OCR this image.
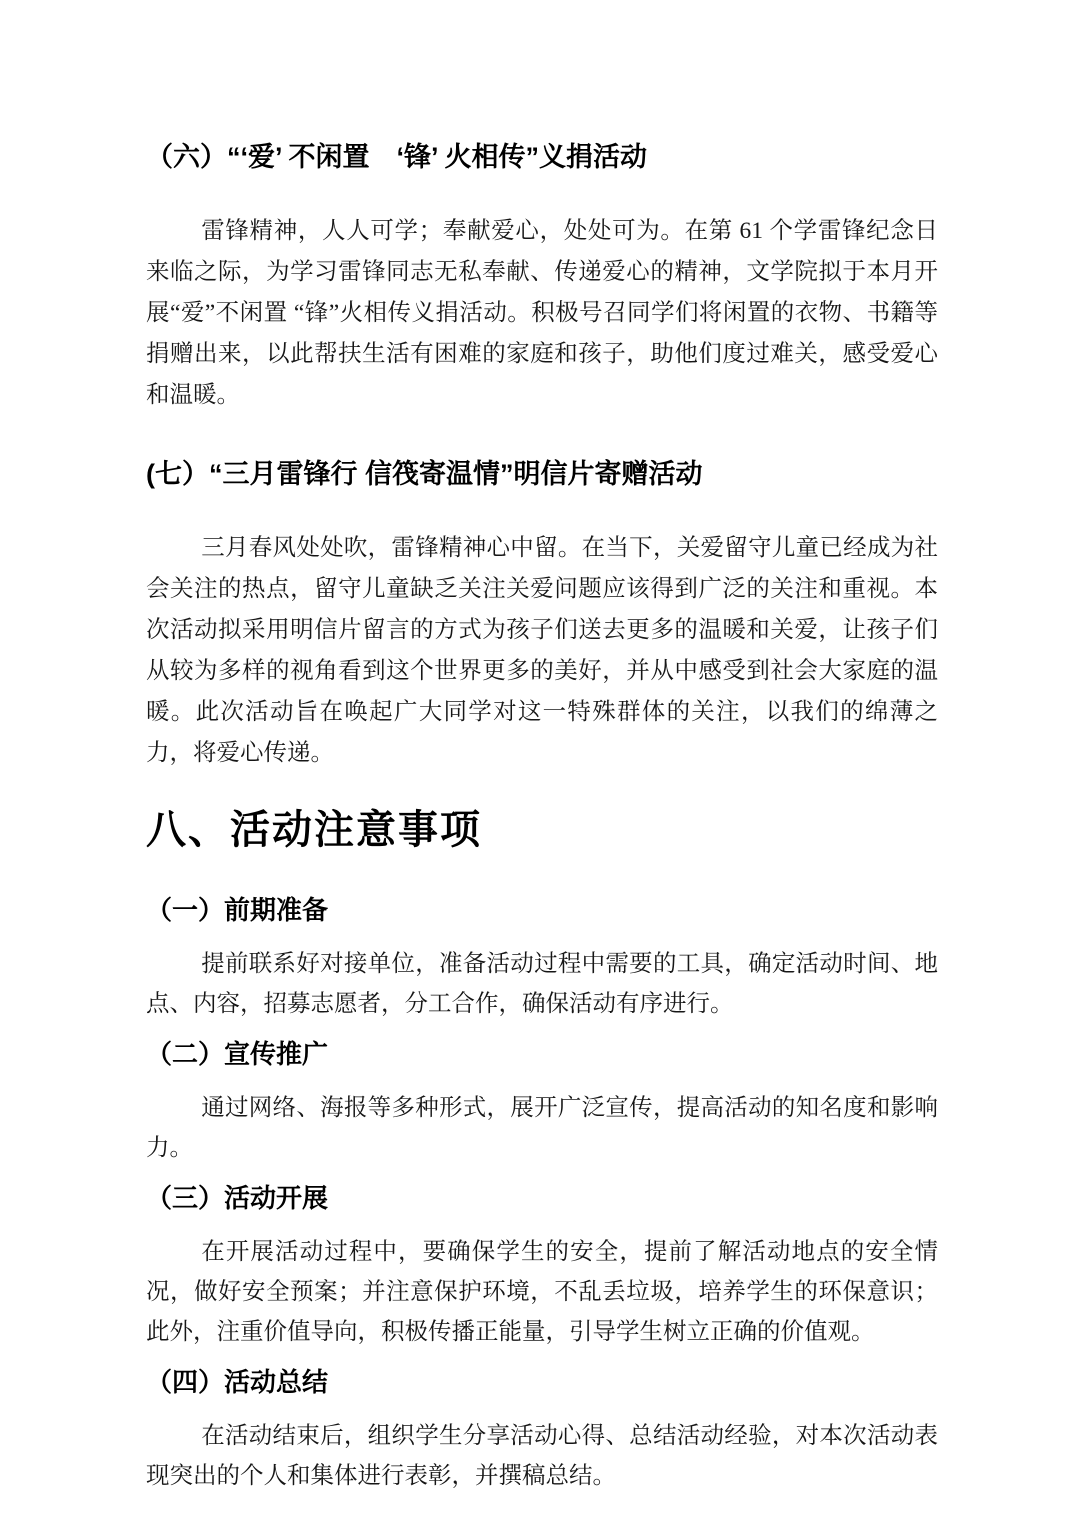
（六）“‘爱’ 不闲置　‘锋’ 火相传”义捐活动

雷锋精神，人人可学；奉献爱心，处处可为。在第 61 个学雷锋纪念日来临之际，为学习雷锋同志无私奉献、传递爱心的精神，文学院拟于本月开展“爱”不闲置 “锋”火相传义捐活动。积极号召同学们将闲置的衣物、书籍等捐赠出来，以此帮扶生活有困难的家庭和孩子，助他们度过难关，感受爱心和温暖。

(七）“三月雷锋行 信筏寄温情”明信片寄赠活动

三月春风处处吹，雷锋精神心中留。在当下，关爱留守儿童已经成为社会关注的热点，留守儿童缺乏关注关爱问题应该得到广泛的关注和重视。本次活动拟采用明信片留言的方式为孩子们送去更多的温暖和关爱，让孩子们从较为多样的视角看到这个世界更多的美好，并从中感受到社会大家庭的温暖。此次活动旨在唤起广大同学对这一特殊群体的关注，以我们的绵薄之力，将爱心传递。

八、活动注意事项
（一）前期准备

提前联系好对接单位，准备活动过程中需要的工具，确定活动时间、地点、内容，招募志愿者，分工合作，确保活动有序进行。

（二）宣传推广

通过网络、海报等多种形式，展开广泛宣传，提高活动的知名度和影响力。

（三）活动开展

在开展活动过程中，要确保学生的安全，提前了解活动地点的安全情况，做好安全预案；并注意保护环境，不乱丢垃圾，培养学生的环保意识；此外，注重价值导向，积极传播正能量，引导学生树立正确的价值观。

（四）活动总结

在活动结束后，组织学生分享活动心得、总结活动经验，对本次活动表现突出的个人和集体进行表彰，并撰稿总结。
